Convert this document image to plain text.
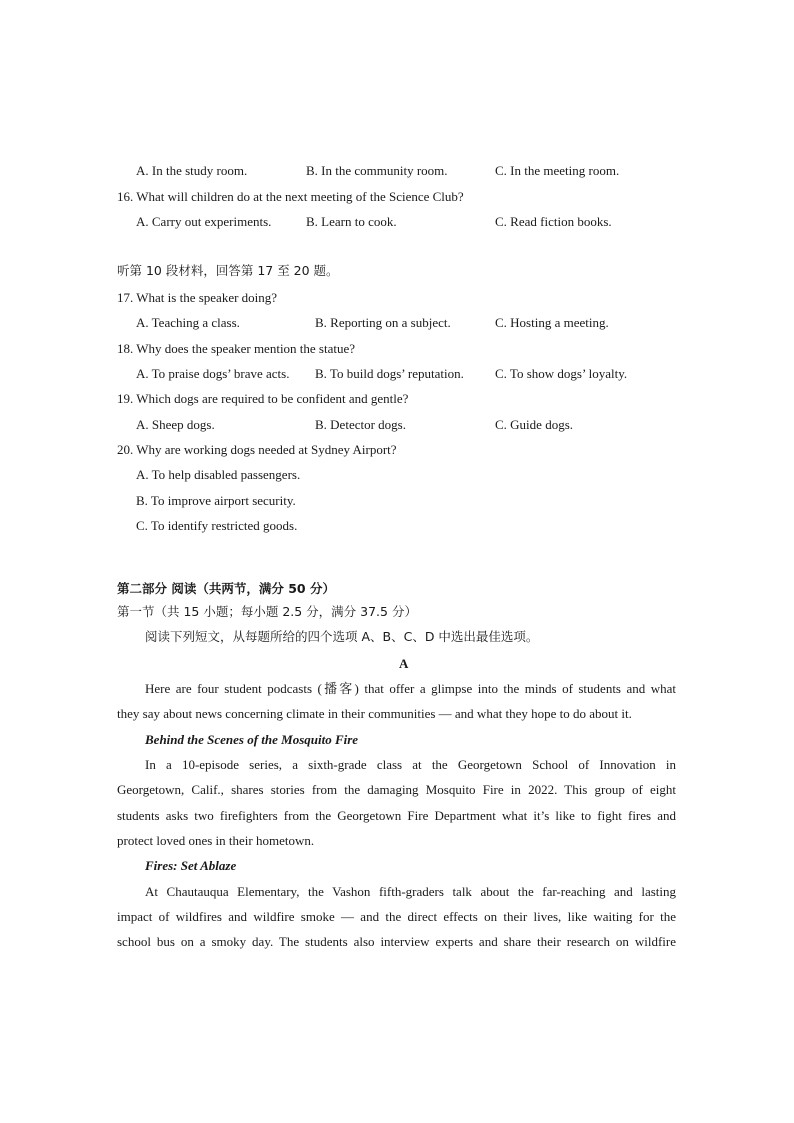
A. In the study room.	B. In the community room.	C. In the meeting room.
16. What will children do at the next meeting of the Science Club?
A. Carry out experiments.	B. Learn to cook.	C. Read fiction books.
听第 10 段材料，回答第 17 至 20 题。
17. What is the speaker doing?
A. Teaching a class.	B. Reporting on a subject.	C. Hosting a meeting.
18. Why does the speaker mention the statue?
A. To praise dogs’ brave acts. B. To build dogs’ reputation. C. To show dogs’ loyalty.
19. Which dogs are required to be confident and gentle?
A. Sheep dogs.	B. Detector dogs.	C. Guide dogs.
20. Why are working dogs needed at Sydney Airport?
A. To help disabled passengers.
B. To improve airport security.
C. To identify restricted goods.
第二部分 阅读（共两节，满分 50 分）
第一节（共 15 小题；每小题 2.5 分，满分 37.5 分）
阅读下列短文，从每题所给的四个选项 A、B、C、D 中选出最佳选项。
A
Here are four student podcasts (播客) that offer a glimpse into the minds of students and what
they say about news concerning climate in their communities — and what they hope to do about it.
Behind the Scenes of the Mosquito Fire
In a 10-episode series, a sixth-grade class at the Georgetown School of Innovation in
Georgetown, Calif., shares stories from the damaging Mosquito Fire in 2022. This group of eight
students asks two firefighters from the Georgetown Fire Department what it’s like to fight fires and
protect loved ones in their hometown.
Fires: Set Ablaze
At Chautauqua Elementary, the Vashon fifth-graders talk about the far-reaching and lasting
impact of wildfires and wildfire smoke — and the direct effects on their lives, like waiting for the
school bus on a smoky day. The students also interview experts and share their research on wildfire
